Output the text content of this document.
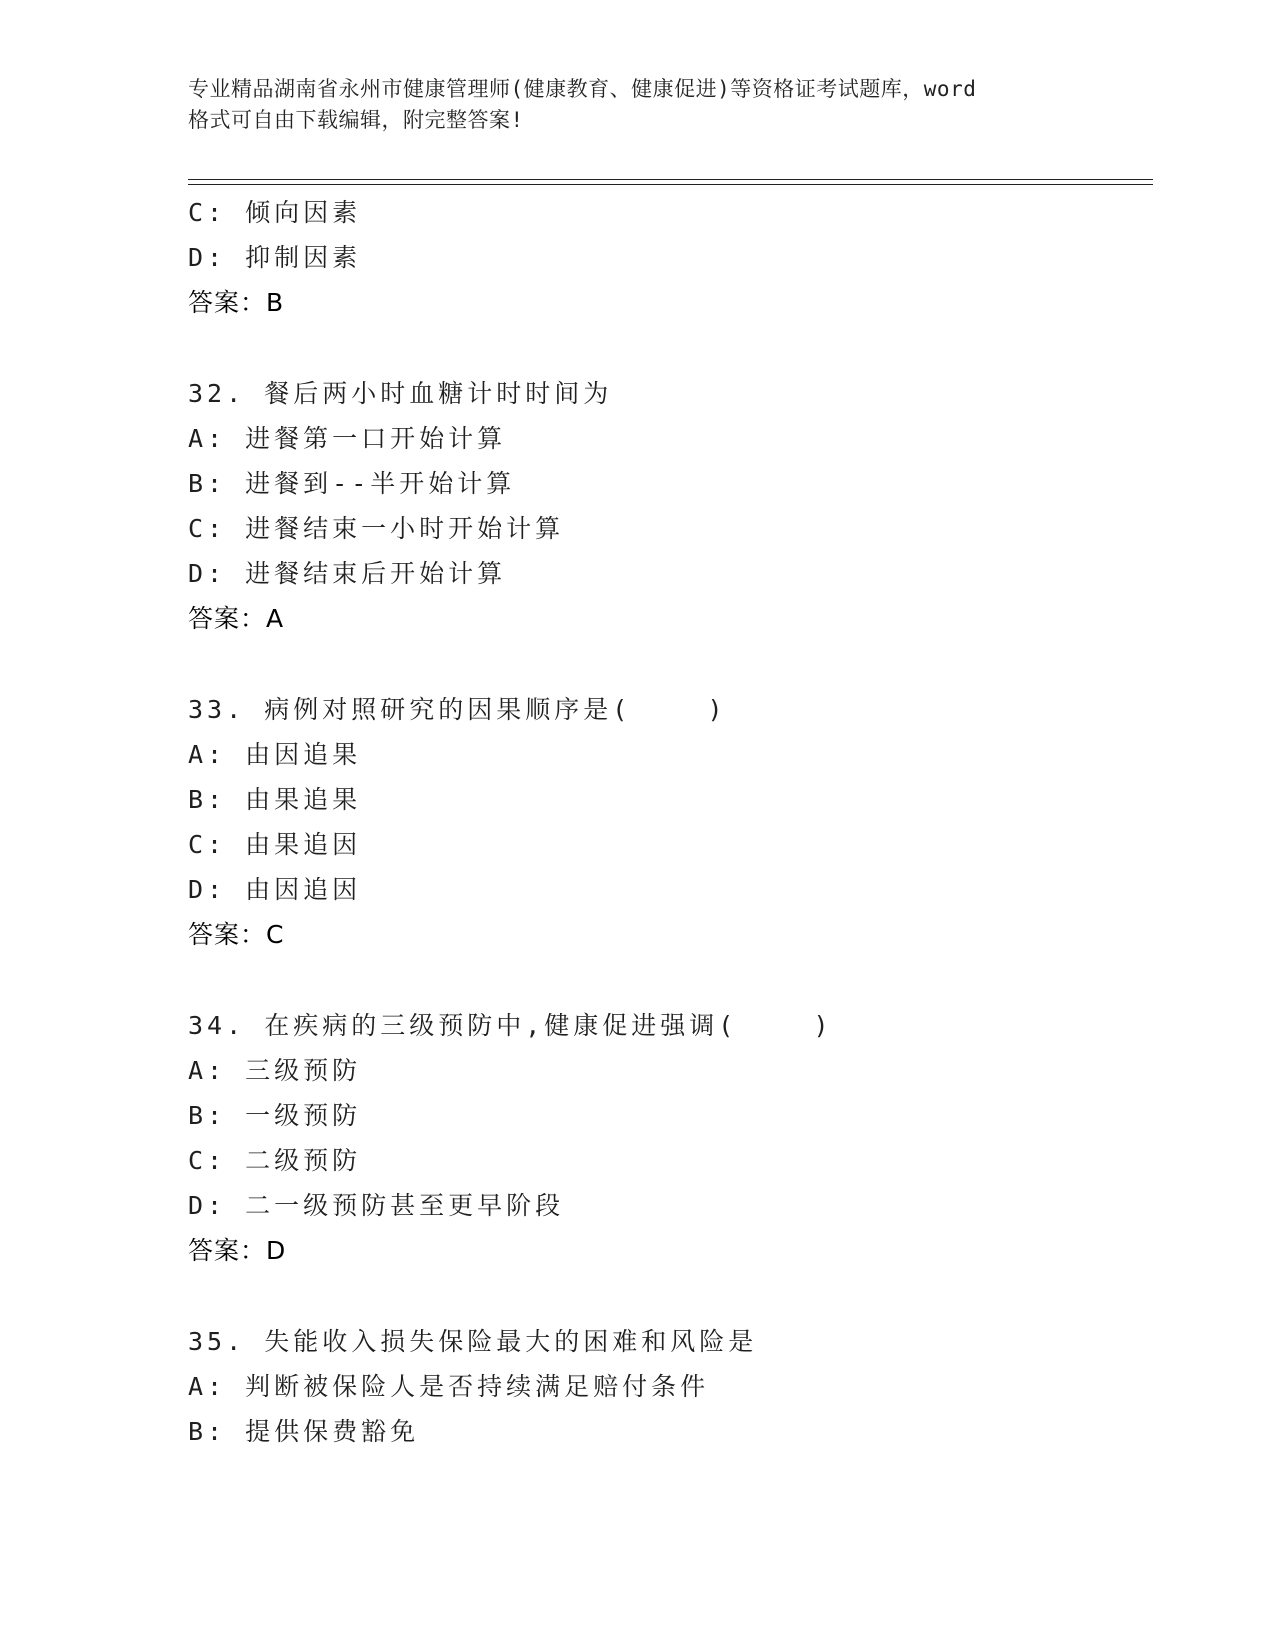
专业精品湖南省永州市健康管理师(健康教育、健康促进)等资格证考试题库，word
格式可自由下载编辑，附完整答案!
C: 倾向因素
D: 抑制因素
答案：B
32. 餐后两小时血糖计时时间为
A: 进餐第一口开始计算
B: 进餐到--半开始计算
C: 进餐结束一小时开始计算
D: 进餐结束后开始计算
答案：A
33. 病例对照研究的因果顺序是(    )
A: 由因追果
B: 由果追果
C: 由果追因
D: 由因追因
答案：C
34. 在疾病的三级预防中,健康促进强调(    )
A: 三级预防
B: 一级预防
C: 二级预防
D: 二一级预防甚至更早阶段
答案：D
35. 失能收入损失保险最大的困难和风险是
A: 判断被保险人是否持续满足赔付条件
B: 提供保费豁免
